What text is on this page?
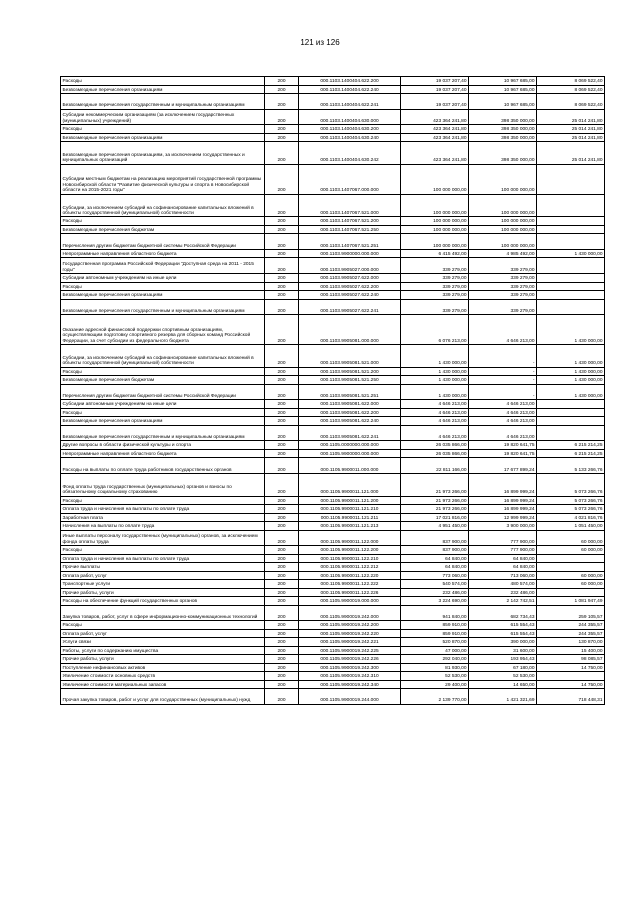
121 из 126
Расходы	200	000.1103.1400404.622.200	19 037 207,40	10 967 685,00	8 069 522,40
Безвозмездные перечисления организациям	200	000.1103.1400404.622.240	19 037 207,40	10 967 685,00	8 069 522,40
Безвозмездные перечисления государственным и муниципальным организациям	200	000.1103.1400404.622.241	19 037 207,40	10 967 685,00	8 069 522,40
Субсидии некоммерческим организациям (за исключением государственных (муниципальных) учреждений)	200	000.1103.1400404.630.000	423 364 241,80	398 350 000,00	25 014 241,80
Расходы	200	000.1103.1400404.630.200	423 364 241,80	398 350 000,00	25 014 241,80
Безвозмездные перечисления организациям	200	000.1103.1400404.630.240	423 364 241,80	398 350 000,00	25 014 241,80
Безвозмездные перечисления организациям, за исключением государственных и муниципальных организаций	200	000.1103.1400404.630.242	423 364 241,80	398 350 000,00	25 014 241,80
Субсидии местным бюджетам на реализацию мероприятий государственной программы Новосибирской области "Развитие физической культуры и спорта в Новосибирской области на 2015-2021 годы"	200	000.1103.1407067.000.000	100 000 000,00	100 000 000,00	
Субсидии, за исключением субсидий на софинансирование капитальных вложений в объекты государственной (муниципальной) собственности	200	000.1103.1407067.521.000	100 000 000,00	100 000 000,00	
Расходы	200	000.1103.1407067.521.200	100 000 000,00	100 000 000,00	
Безвозмездные перечисления бюджетам	200	000.1103.1407067.521.250	100 000 000,00	100 000 000,00	
Перечисления другим бюджетам бюджетной системы Российской Федерации	200	000.1103.1407067.521.251	100 000 000,00	100 000 000,00	
Непрограммные направления областного бюджета	200	000.1103.9900000.000.000	6 415 492,00	4 985 492,00	1 430 000,00
Государственная программа Российской Федерации "Доступная среда на 2011 - 2015 годы"	200	000.1103.9905027.000.000	339 279,00	339 279,00	
Субсидии автономным учреждениям на иные цели	200	000.1103.9905027.622.000	339 279,00	339 279,00	
Расходы	200	000.1103.9905027.622.200	339 279,00	339 279,00	
Безвозмездные перечисления организациям	200	000.1103.9905027.622.240	339 279,00	339 279,00	
Безвозмездные перечисления государственным и муниципальным организациям	200	000.1103.9905027.622.241	339 279,00	339 279,00	
Оказание адресной финансовой поддержки спортивным организациям, осуществляющим подготовку спортивного резерва для сборных команд Российской Федерации, за счет субсидии из федерального бюджета	200	000.1103.9905081.000.000	6 076 213,00	4 646 213,00	1 430 000,00
Субсидии, за исключением субсидий на софинансирование капитальных вложений в объекты государственной (муниципальной) собственности	200	000.1103.9905081.521.000	1 430 000,00	-	1 430 000,00
Расходы	200	000.1103.9905081.521.200	1 430 000,00	-	1 430 000,00
Безвозмездные перечисления бюджетам	200	000.1103.9905081.521.250	1 430 000,00	-	1 430 000,00
Перечисления другим бюджетам бюджетной системы Российской Федерации	200	000.1103.9905081.521.251	1 430 000,00	-	1 430 000,00
Субсидии автономным учреждениям на иные цели	200	000.1103.9905081.622.000	4 646 213,00	4 646 213,00	
Расходы	200	000.1103.9905081.622.200	4 646 213,00	4 646 213,00	
Безвозмездные перечисления организациям	200	000.1103.9905081.622.240	4 646 213,00	4 646 213,00	
Безвозмездные перечисления государственным и муниципальным организациям	200	000.1103.9905081.622.241	4 646 213,00	4 646 213,00	
Другие вопросы в области физической культуры и спорта	200	000.1105.0000000.000.000	26 035 866,00	19 820 641,75	6 215 214,25
Непрограммные направления областного бюджета	200	000.1105.9900000.000.000	26 035 866,00	19 820 641,75	6 215 214,25
Расходы на выплаты по оплате труда работников государственных органов	200	000.1105.9900011.000.000	22 811 166,00	17 677 899,24	5 133 266,76
Фонд оплаты труда государственных (муниципальных) органов и взносы по обязательному социальному страхованию	200	000.1105.9900011.121.000	21 973 266,00	16 899 999,24	5 073 266,76
Расходы	200	000.1105.9900011.121.200	21 973 266,00	16 899 999,24	5 073 266,76
Оплата труда и начисления на выплаты по оплате труда	200	000.1105.9900011.121.210	21 973 266,00	16 899 999,24	5 073 266,76
Заработная плата	200	000.1105.9900011.121.211	17 021 816,00	12 999 999,24	4 021 816,76
Начисления на выплаты по оплате труда	200	000.1105.9900011.121.213	4 951 450,00	3 900 000,00	1 051 450,00
Иные выплаты персоналу государственных (муниципальных) органов, за исключением фонда оплаты труда	200	000.1105.9900011.122.000	837 900,00	777 900,00	60 000,00
Расходы	200	000.1105.9900011.122.200	837 900,00	777 900,00	60 000,00
Оплата труда и начисления на выплаты по оплате труда	200	000.1105.9900011.122.210	64 840,00	64 840,00	
Прочие выплаты	200	000.1105.9900011.122.212	64 840,00	64 840,00	
Оплата работ, услуг	200	000.1105.9900011.122.220	773 060,00	713 060,00	60 000,00
Транспортные услуги	200	000.1105.9900011.122.222	540 574,00	480 574,00	60 000,00
Прочие работы, услуги	200	000.1105.9900011.122.226	232 486,00	232 486,00	
Расходы на обеспечение функций государственных органов	200	000.1105.9900019.000.000	3 224 690,00	2 142 742,51	1 081 947,49
Закупка товаров, работ, услуг в сфере информационно-коммуникационных технологий	200	000.1105.9900019.242.000	941 840,00	682 734,43	259 105,57
Расходы	200	000.1105.9900019.242.200	859 910,00	615 554,43	244 355,57
Оплата работ, услуг	200	000.1105.9900019.242.220	859 910,00	615 554,43	244 355,57
Услуги связи	200	000.1105.9900019.242.221	520 870,00	390 000,00	130 870,00
Работы, услуги по содержанию имущества	200	000.1105.9900019.242.225	47 000,00	31 600,00	15 400,00
Прочие работы, услуги	200	000.1105.9900019.242.226	292 040,00	193 954,43	98 085,57
Поступление нефинансовых активов	200	000.1105.9900019.242.300	81 930,00	67 180,00	14 750,00
Увеличение стоимости основных средств	200	000.1105.9900019.242.310	52 530,00	52 530,00	
Увеличение стоимости материальных запасов	200	000.1105.9900019.242.340	29 400,00	14 650,00	14 750,00
Прочая закупка товаров, работ и услуг для государственных (муниципальных) нужд	200	000.1105.9900019.244.000	2 139 770,00	1 421 321,69	718 448,31
